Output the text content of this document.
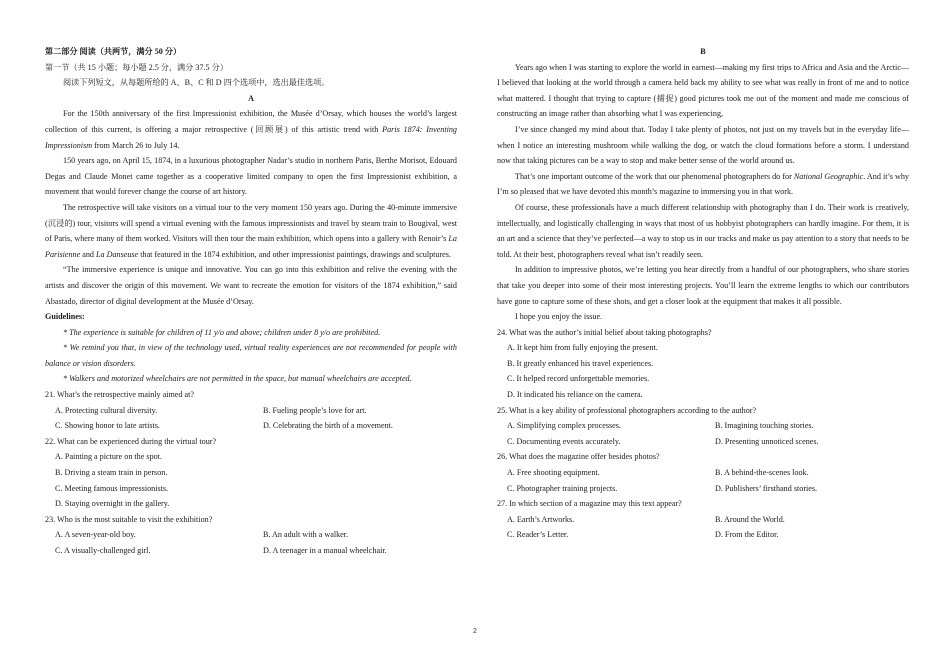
第二部分 阅读（共两节，满分 50 分）

第一节（共 15 小题；每小题 2.5 分，满分 37.5 分）

阅读下列短文，从每题所给的 A、B、C 和 D 四个选项中，选出最佳选项。

A

For the 150th anniversary of the first Impressionist exhibition, the Musée d’Orsay, which houses the world’s largest collection of this current, is offering a major retrospective (回顾展) of this artistic trend with Paris 1874: Inventing Impressionism from March 26 to July 14.

150 years ago, on April 15, 1874, in a luxurious photographer Nadar’s studio in northern Paris, Berthe Morisot, Edouard Degas and Claude Monet came together as a cooperative limited company to open the first Impressionist exhibition, a movement that would forever change the course of art history.

The retrospective will take visitors on a virtual tour to the very moment 150 years ago. During the 40-minute immersive (沉浸的) tour, visitors will spend a virtual evening with the famous impressionists and travel by steam train to Bougival, west of Paris, where many of them worked. Visitors will then tour the main exhibition, which opens into a gallery with Renoir’s La Parisienne and La Danseuse that featured in the 1874 exhibition, and other impressionist paintings, drawings and sculptures.

“The immersive experience is unique and innovative. You can go into this exhibition and relive the evening with the artists and discover the origin of this movement. We want to recreate the emotion for visitors of the 1874 exhibition,” said Abastado, director of digital development at the Musée d’Orsay.

Guidelines:

* The experience is suitable for children of 11 y/o and above; children under 8 y/o are prohibited.

* We remind you that, in view of the technology used, virtual reality experiences are not recommended for people with balance or vision disorders.

* Walkers and motorized wheelchairs are not permitted in the space, but manual wheelchairs are accepted.

21. What’s the retrospective mainly aimed at?

A. Protecting cultural diversity.	B. Fueling people’s love for art.
C. Showing honor to late artists.	D. Celebrating the birth of a movement.

22. What can be experienced during the virtual tour?

A. Painting a picture on the spot.

B. Driving a steam train in person.

C. Meeting famous impressionists.

D. Staying overnight in the gallery.

23. Who is the most suitable to visit the exhibition?

A. A seven-year-old boy.	B. An adult with a walker.
C. A visually-challenged girl.	D. A teenager in a manual wheelchair.

B

Years ago when I was starting to explore the world in earnest—making my first trips to Africa and Asia and the Arctic—I believed that looking at the world through a camera held back my ability to see what was really in front of me and to notice what mattered. I thought that trying to capture (捕捉) good pictures took me out of the moment and made me conscious of constructing an image rather than absorbing what I was experiencing,

I’ve since changed my mind about that. Today I take plenty of photos, not just on my travels but in the everyday life—when I notice an interesting mushroom while walking the dog, or watch the cloud formations before a storm. I understand now that taking pictures can be a way to stop and make better sense of the world around us.

That’s one important outcome of the work that our phenomenal photographers do for National Geographic. And it’s why I’m so pleased that we have devoted this month’s magazine to immersing you in that work.

Of course, these professionals have a much different relationship with photography than I do. Their work is creatively, intellectually, and logistically challenging in ways that most of us hobbyist photographers can hardly imagine. For them, it is an art and a science that they’ve perfected—a way to stop us in our tracks and make us pay attention to a story that needs to be told. At their best, photographers reveal what isn’t readily seen.

In addition to impressive photos, we’re letting you hear directly from a handful of our photographers, who share stories that take you deeper into some of their most interesting projects. You’ll learn the extreme lengths to which our contributors have gone to capture some of these shots, and get a closer look at the equipment that makes it all possible.

I hope you enjoy the issue.

24. What was the author’s initial belief about taking photographs?

A. It kept him from fully enjoying the present.

B. It greatly enhanced his travel experiences.

C. It helped record unforgettable memories.

D. It indicated his reliance on the camera.

25. What is a key ability of professional photographers according to the author?

A. Simplifying complex processes.	B. Imagining touching stories.
C. Documenting events accurately.	D. Presenting unnoticed scenes.

26. What does the magazine offer besides photos?

A. Free shooting equipment.	B. A behind-the-scenes look.
C. Photographer training projects.	D. Publishers’ firsthand stories.

27. In which section of a magazine may this text appear?

A. Earth’s Artworks.	B. Around the World.
C. Reader’s Letter.	D. From the Editor.
2
